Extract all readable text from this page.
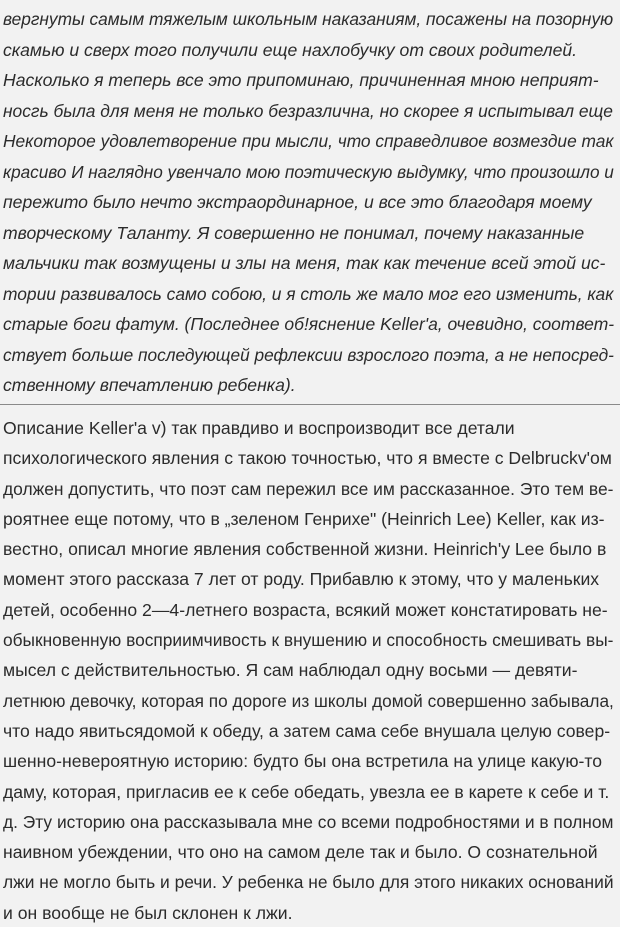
вергнуты самым тяжелым школьным наказаниям, посажены на позорную
скамью и сверх того получили еще нахлобучку от своих родителей.
Насколько я теперь все это припоминаю, причиненная мною неприят-
носгь была для меня не только безразлична, но скорее я испытывал еще
Некоторое удовлетворение при мысли, что справедливое возмездие так
красиво И наглядно увенчало мою поэтическую выдумку, что произошло и
пережито было нечто экстраординарное, и все это благодаря моему
творческому Таланту. Я совершенно не понимал, почему наказанные
мальчики так возмущены и злы на меня, так как течение всей этой ис-
тории развивалось само собою, и я столь же мало мог его изменить, как
старые боги фатум. (Последнее об!яснение Keller'a, очевидно, соответ-
ствует больше последующей рефлексии взрослого поэта, а не непосред-
ственному впечатлению ребенка).
Описание Keller'a v) так правдиво и воспроизводит все детали
психологического явления с такою точностью, что я вместе с Delbruckv'ом
должен допустить, что поэт сам пережил все им рассказанное. Это тем ве-
роятнее еще потому, что в „зеленом Генрихе" (Heinrich Lee) Keller, как из-
вестно, описал многие явления собственной жизни. Heinrich'y Lee было в
момент этого рассказа 7 лет от роду. Прибавлю к этому, что у маленьких
детей, особенно 2—4-летнего возраста, всякий может констатировать не-
обыкновенную восприимчивость к внушению и способность смешивать вы-
мысел с действительностью. Я сам наблюдал одну восьми — девяти-
летнюю девочку, которая по дороге из школы домой совершенно забывала,
что надо явитьсядомой к обеду, а затем сама себе внушала целую совер-
шенно-невероятную историю: будто бы она встретила на улице какую-то
даму, которая, пригласив ее к себе обедать, увезла ее в карете к себе и т.
д. Эту историю она рассказывала мне со всеми подробностями и в полном
наивном убеждении, что оно на самом деле так и было. О сознательной
лжи не могло быть и речи. У ребенка не было для этого никаких оснований
и он вообще не был склонен к лжи.
